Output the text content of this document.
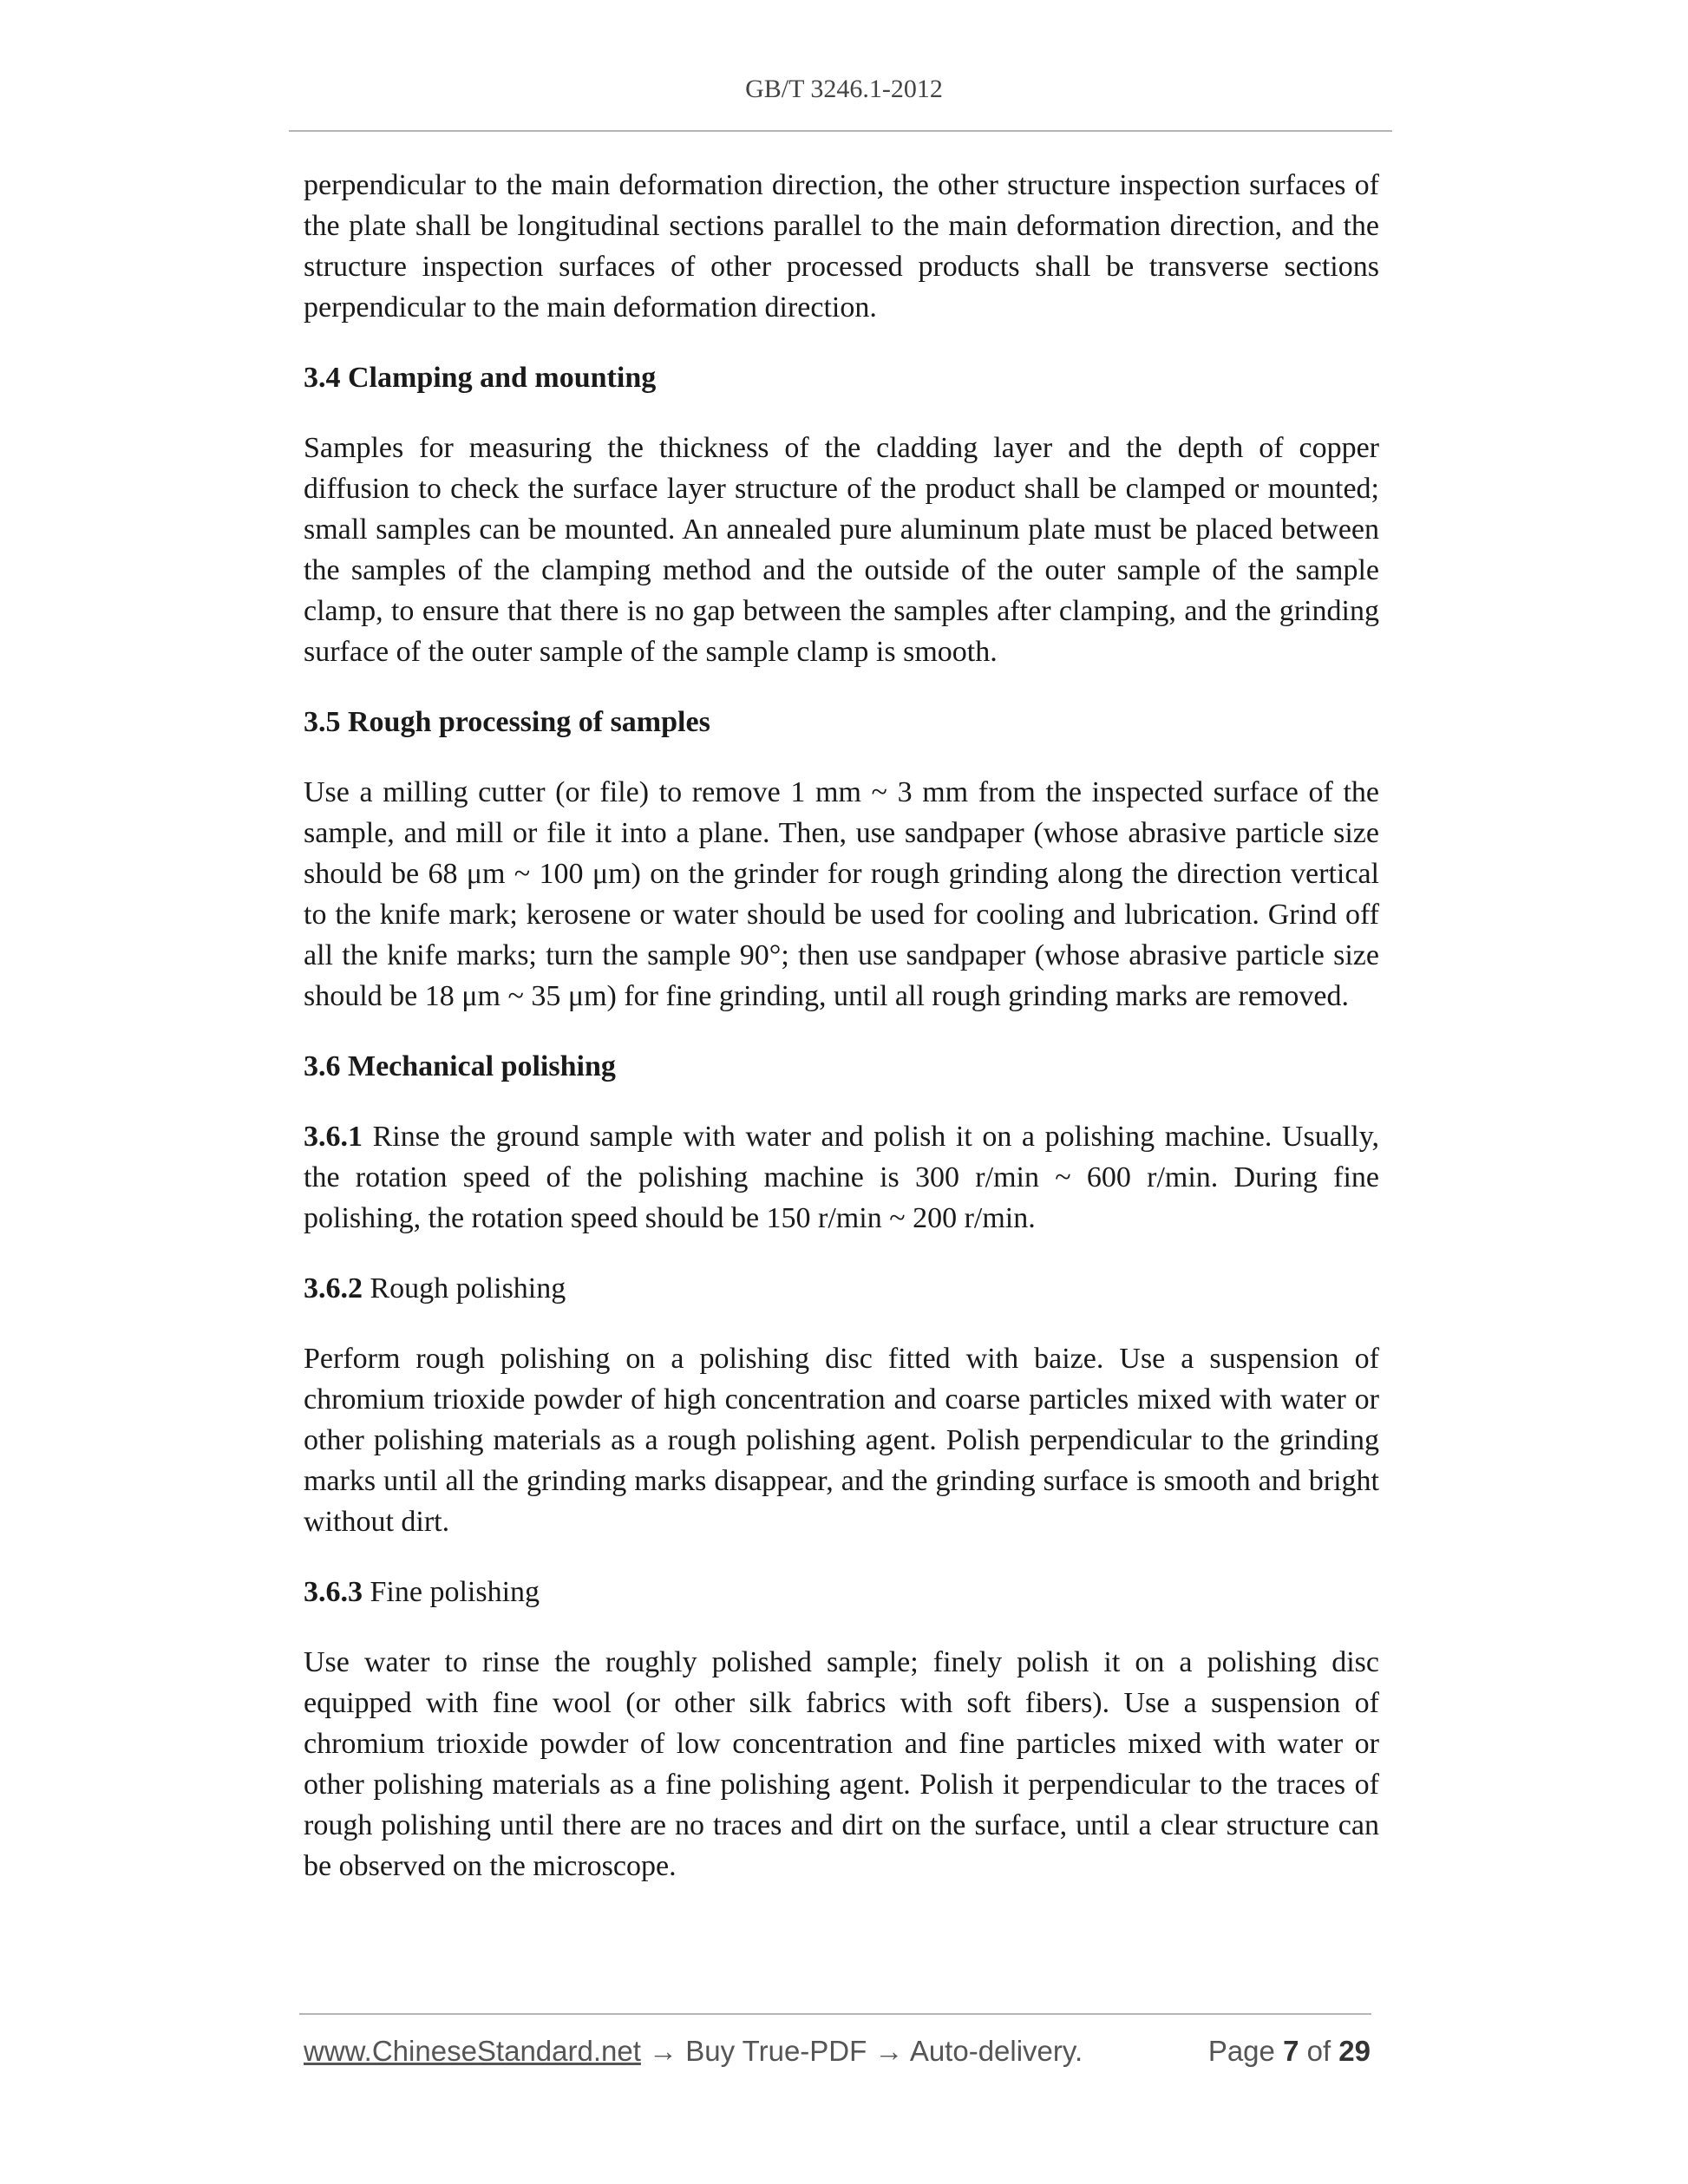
GB/T 3246.1-2012

perpendicular to the main deformation direction, the other structure inspection surfaces of the plate shall be longitudinal sections parallel to the main deformation direction, and the structure inspection surfaces of other processed products shall be transverse sections perpendicular to the main deformation direction.

3.4 Clamping and mounting

Samples for measuring the thickness of the cladding layer and the depth of copper diffusion to check the surface layer structure of the product shall be clamped or mounted; small samples can be mounted. An annealed pure aluminum plate must be placed between the samples of the clamping method and the outside of the outer sample of the sample clamp, to ensure that there is no gap between the samples after clamping, and the grinding surface of the outer sample of the sample clamp is smooth.

3.5 Rough processing of samples

Use a milling cutter (or file) to remove 1 mm ~ 3 mm from the inspected surface of the sample, and mill or file it into a plane. Then, use sandpaper (whose abrasive particle size should be 68 μm ~ 100 μm) on the grinder for rough grinding along the direction vertical to the knife mark; kerosene or water should be used for cooling and lubrication. Grind off all the knife marks; turn the sample 90°; then use sandpaper (whose abrasive particle size should be 18 μm ~ 35 μm) for fine grinding, until all rough grinding marks are removed.

3.6 Mechanical polishing

3.6.1 Rinse the ground sample with water and polish it on a polishing machine. Usually, the rotation speed of the polishing machine is 300 r/min ~ 600 r/min. During fine polishing, the rotation speed should be 150 r/min ~ 200 r/min.

3.6.2 Rough polishing

Perform rough polishing on a polishing disc fitted with baize. Use a suspension of chromium trioxide powder of high concentration and coarse particles mixed with water or other polishing materials as a rough polishing agent. Polish perpendicular to the grinding marks until all the grinding marks disappear, and the grinding surface is smooth and bright without dirt.

3.6.3 Fine polishing

Use water to rinse the roughly polished sample; finely polish it on a polishing disc equipped with fine wool (or other silk fabrics with soft fibers). Use a suspension of chromium trioxide powder of low concentration and fine particles mixed with water or other polishing materials as a fine polishing agent. Polish it perpendicular to the traces of rough polishing until there are no traces and dirt on the surface, until a clear structure can be observed on the microscope.

www.ChineseStandard.net → Buy True-PDF → Auto-delivery.	Page 7 of 29
